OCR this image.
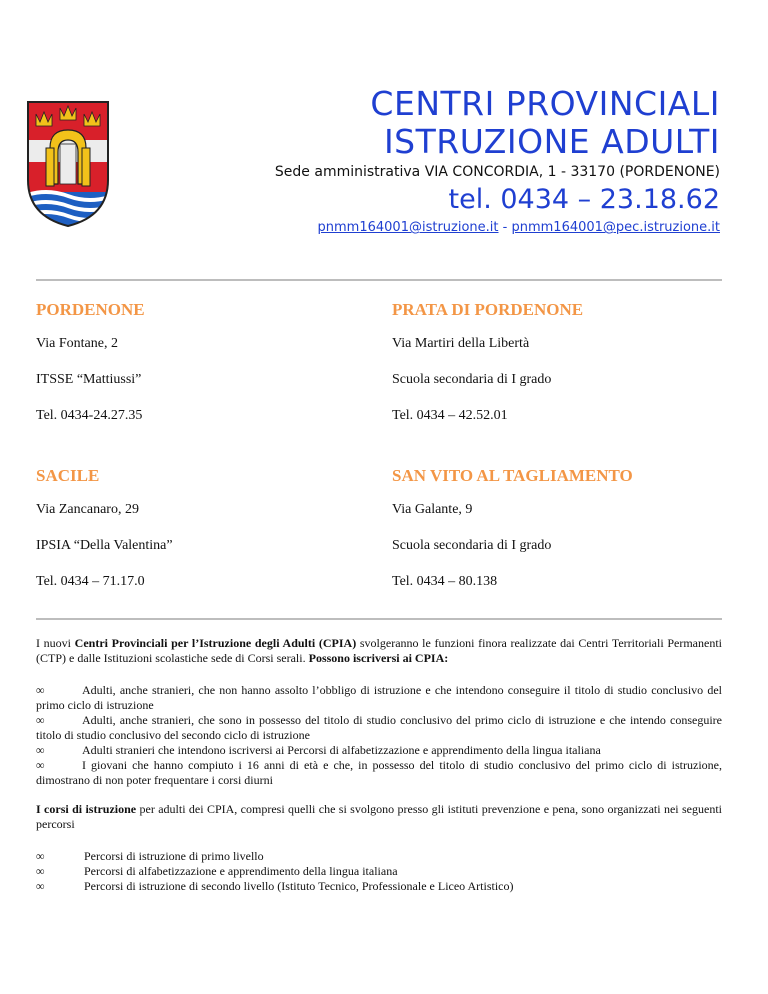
CENTRI PROVINCIALI
ISTRUZIONE ADULTI
Sede amministrativa VIA CONCORDIA, 1 - 33170 (PORDENONE)
tel. 0434 – 23.18.62
pnmm164001@istruzione.it - pnmm164001@pec.istruzione.it
PORDENONE
Via Fontane, 2
ITSSE “Mattiussi”
Tel. 0434-24.27.35
PRATA DI PORDENONE
Via Martiri della Libertà
Scuola secondaria di I grado
Tel. 0434 – 42.52.01
SACILE
Via Zancanaro, 29
IPSIA “Della Valentina”
Tel. 0434 – 71.17.0
SAN VITO AL TAGLIAMENTO
Via Galante, 9
Scuola secondaria di I grado
Tel. 0434 – 80.138
I nuovi Centri Provinciali per l’Istruzione degli Adulti (CPIA) svolgeranno le funzioni finora realizzate dai Centri Territoriali Permanenti (CTP) e dalle Istituzioni scolastiche sede di Corsi serali. Possono iscriversi ai CPIA:
∞	Adulti, anche stranieri, che non hanno assolto l’obbligo di istruzione e che intendono conseguire il titolo di studio conclusivo del primo ciclo di istruzione
∞	Adulti, anche stranieri, che sono in possesso del titolo di studio conclusivo del primo ciclo di istruzione e che intendo conseguire titolo di studio conclusivo del secondo ciclo di istruzione
∞	Adulti stranieri che intendono iscriversi ai Percorsi di alfabetizzazione e apprendimento della lingua italiana
∞	I giovani che hanno compiuto i 16 anni di età e che, in possesso del titolo di studio conclusivo del primo ciclo di istruzione, dimostrano di non poter frequentare i corsi diurni
I corsi di istruzione per adulti dei CPIA, compresi quelli che si svolgono presso gli istituti prevenzione e pena, sono organizzati nei seguenti percorsi
∞	Percorsi di istruzione di primo livello
∞	Percorsi di alfabetizzazione e apprendimento della lingua italiana
∞	Percorsi di istruzione di secondo livello (Istituto Tecnico, Professionale e Liceo Artistico)
